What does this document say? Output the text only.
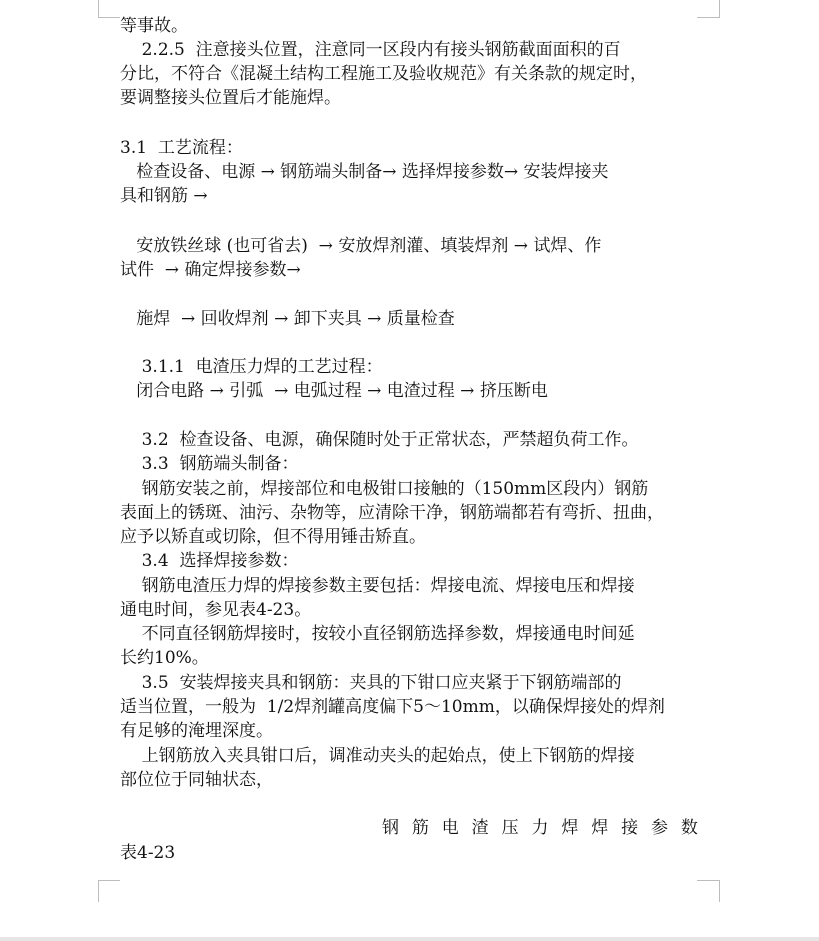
等事故。
2.2.5  注意接头位置，注意同一区段内有接头钢筋截面面积的百
分比，不符合《混凝土结构工程施工及验收规范》有关条款的规定时，
要调整接头位置后才能施焊。
3.1  工艺流程：
检查设备、电源 → 钢筋端头制备→ 选择焊接参数→ 安装焊接夹
具和钢筋 →
安放铁丝球 (也可省去)  → 安放焊剂灌、填装焊剂 → 试焊、作
试件  → 确定焊接参数→
施焊  → 回收焊剂 → 卸下夹具 → 质量检查
3.1.1  电渣压力焊的工艺过程：
闭合电路 → 引弧  → 电弧过程 → 电渣过程 → 挤压断电
3.2  检查设备、电源，确保随时处于正常状态，严禁超负荷工作。
3.3  钢筋端头制备：
钢筋安装之前，焊接部位和电极钳口接触的（150mm区段内）钢筋
表面上的锈斑、油污、杂物等，应清除干净，钢筋端都若有弯折、扭曲，
应予以矫直或切除，但不得用锤击矫直。
3.4  选择焊接参数：
钢筋电渣压力焊的焊接参数主要包括：焊接电流、焊接电压和焊接
通电时间，参见表4-23。
不同直径钢筋焊接时，按较小直径钢筋选择参数，焊接通电时间延
长约10%。
3.5  安装焊接夹具和钢筋：夹具的下钳口应夹紧于下钢筋端部的
适当位置，一般为  1/2焊剂罐高度偏下5～10mm，以确保焊接处的焊剂
有足够的淹埋深度。
上钢筋放入夹具钳口后，调准动夹头的起始点，使上下钢筋的焊接
部位位于同轴状态，
钢 筋 电 渣 压 力 焊 焊 接 参 数
表4-23
